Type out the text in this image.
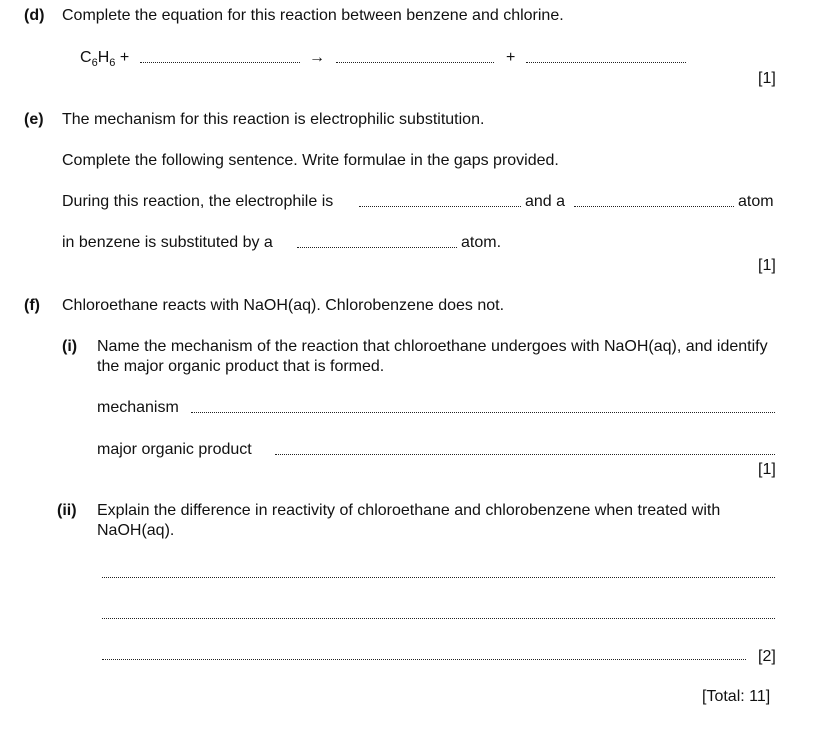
(d) Complete the equation for this reaction between benzene and chlorine.
$C_6H_6$ +	→	+
[1]
(e) The mechanism for this reaction is electrophilic substitution.
Complete the following sentence. Write formulae in the gaps provided.
During this reaction, the electrophile is	and a	atom
in benzene is substituted by a	atom.
[1]
(f) Chloroethane reacts with NaOH(aq). Chlorobenzene does not.
(i) Name the mechanism of the reaction that chloroethane undergoes with NaOH(aq), and identify the major organic product that is formed.
mechanism
major organic product
[1]
(ii) Explain the difference in reactivity of chloroethane and chlorobenzene when treated with NaOH(aq).
[2]
[Total: 11]
